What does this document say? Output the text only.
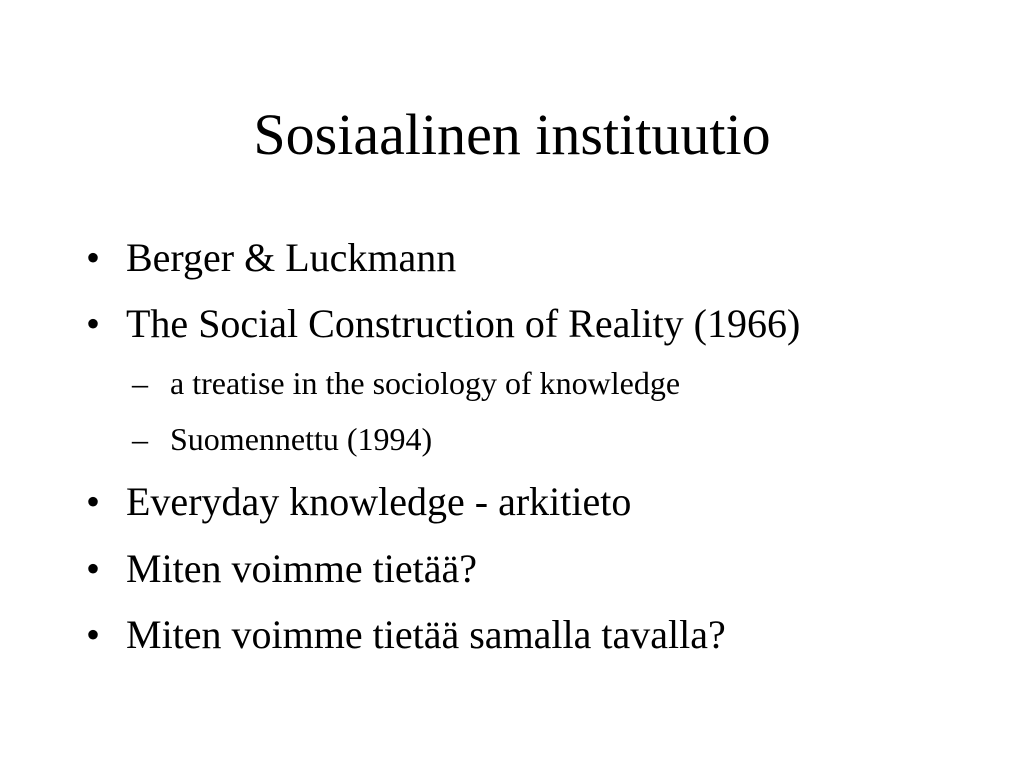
Sosiaalinen instituutio
• Berger & Luckmann
• The Social Construction of Reality (1966)
– a treatise in the sociology of knowledge
– Suomennettu (1994)
• Everyday knowledge - arkitieto
• Miten voimme tietää?
• Miten voimme tietää samalla tavalla?
